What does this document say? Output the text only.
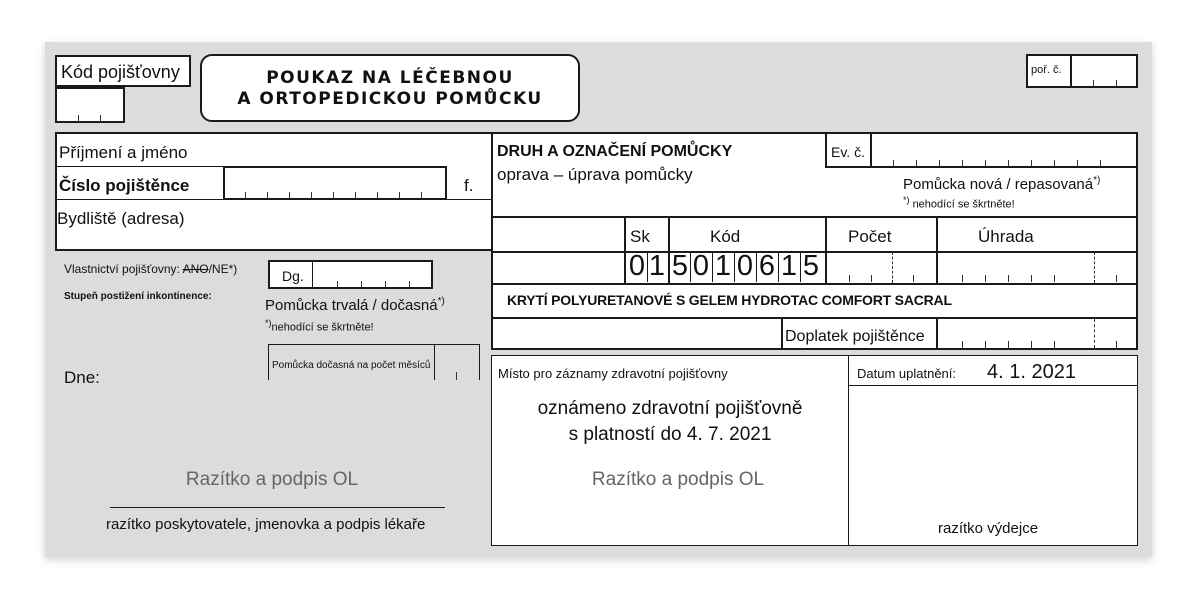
Kód pojišťovny	POUKAZ NA LÉČEBNOU
A ORTOPEDICKOU POMŮCKU
poř. č.
Příjmení a jméno
Číslo pojištěnce	f.
Bydliště (adresa)
DRUH A OZNAČENÍ POMŮCKY
oprava – úprava pomůcky
Ev. č.
Pomůcka nová / repasovaná*)
*) nehodící se škrtněte!
Sk	Kód	Počet	Úhrada
0 1 5 0 1 0 6 1 5
KRYTÍ POLYURETANOVÉ S GELEM HYDROTAC COMFORT SACRAL
Doplatek pojištěnce
Vlastnictví pojišťovny: ANO/NE*)	Dg.
Stupeň postižení inkontinence:
Pomůcka trvalá / dočasná*)
*)nehodící se škrtněte!
Pomůcka dočasná na počet měsíců
Dne:
Razítko a podpis OL
razítko poskytovatele, jmenovka a podpis lékaře
Místo pro záznamy zdravotní pojišťovny
oznámeno zdravotní pojišťovně
s platností do 4. 7. 2021
Razítko a podpis OL
Datum uplatnění: 4. 1. 2021
razítko výdejce
